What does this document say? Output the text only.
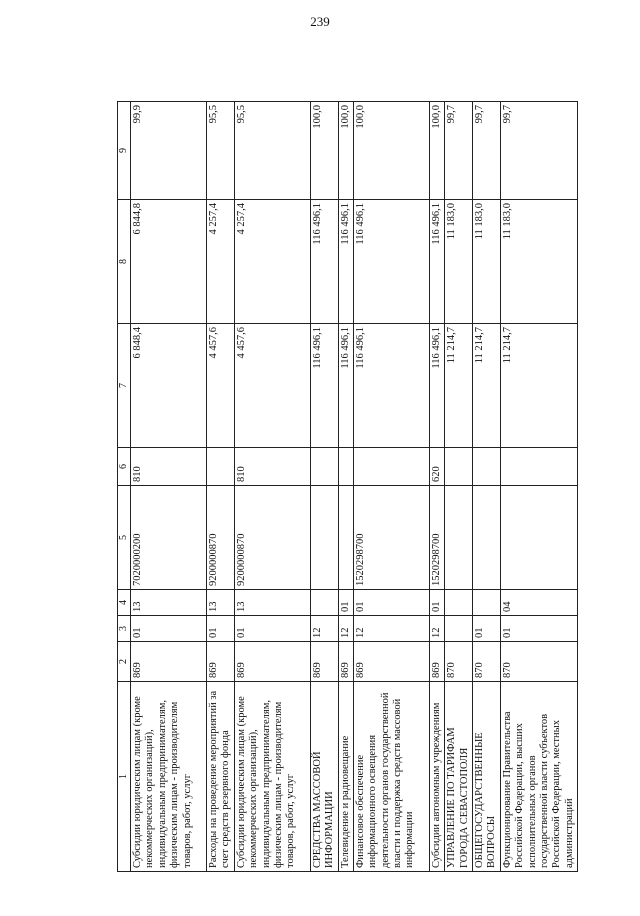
239
1	2	3	4	5	6	7	8	9
Субсидии юридическим лицам (кроме некоммерческих организаций), индивидуальным предпринимателям, физическим лицам - производителям товаров, работ, услуг	869	01	13	7020000200	810	6 848,4	6 844,8	99,9
Расходы на проведение мероприятий за счет средств резервного фонда	869	01	13	9200000870		4 457,6	4 257,4	95,5
Субсидии юридическим лицам (кроме некоммерческих организаций), индивидуальным предпринимателям, физическим лицам - производителям товаров, работ, услуг	869	01	13	9200000870	810	4 457,6	4 257,4	95,5
СРЕДСТВА МАССОВОЙ ИНФОРМАЦИИ	869	12				116 496,1	116 496,1	100,0
Телевидение и радиовещание	869	12	01			116 496,1	116 496,1	100,0
Финансовое обеспечение информационного освещения деятельности органов государственной власти и поддержка средств массовой информации	869	12	01	1520298700		116 496,1	116 496,1	100,0
Субсидии автономным учреждениям	869	12	01	1520298700	620	116 496,1	116 496,1	100,0
УПРАВЛЕНИЕ ПО ТАРИФАМ ГОРОДА СЕВАСТОПОЛЯ	870					11 214,7	11 183,0	99,7
ОБЩЕГОСУДАРСТВЕННЫЕ ВОПРОСЫ	870	01				11 214,7	11 183,0	99,7
Функционирование Правительства Российской Федерации, высших исполнительных органов государственной власти субъектов Российской Федерации, местных администраций	870	01	04			11 214,7	11 183,0	99,7
